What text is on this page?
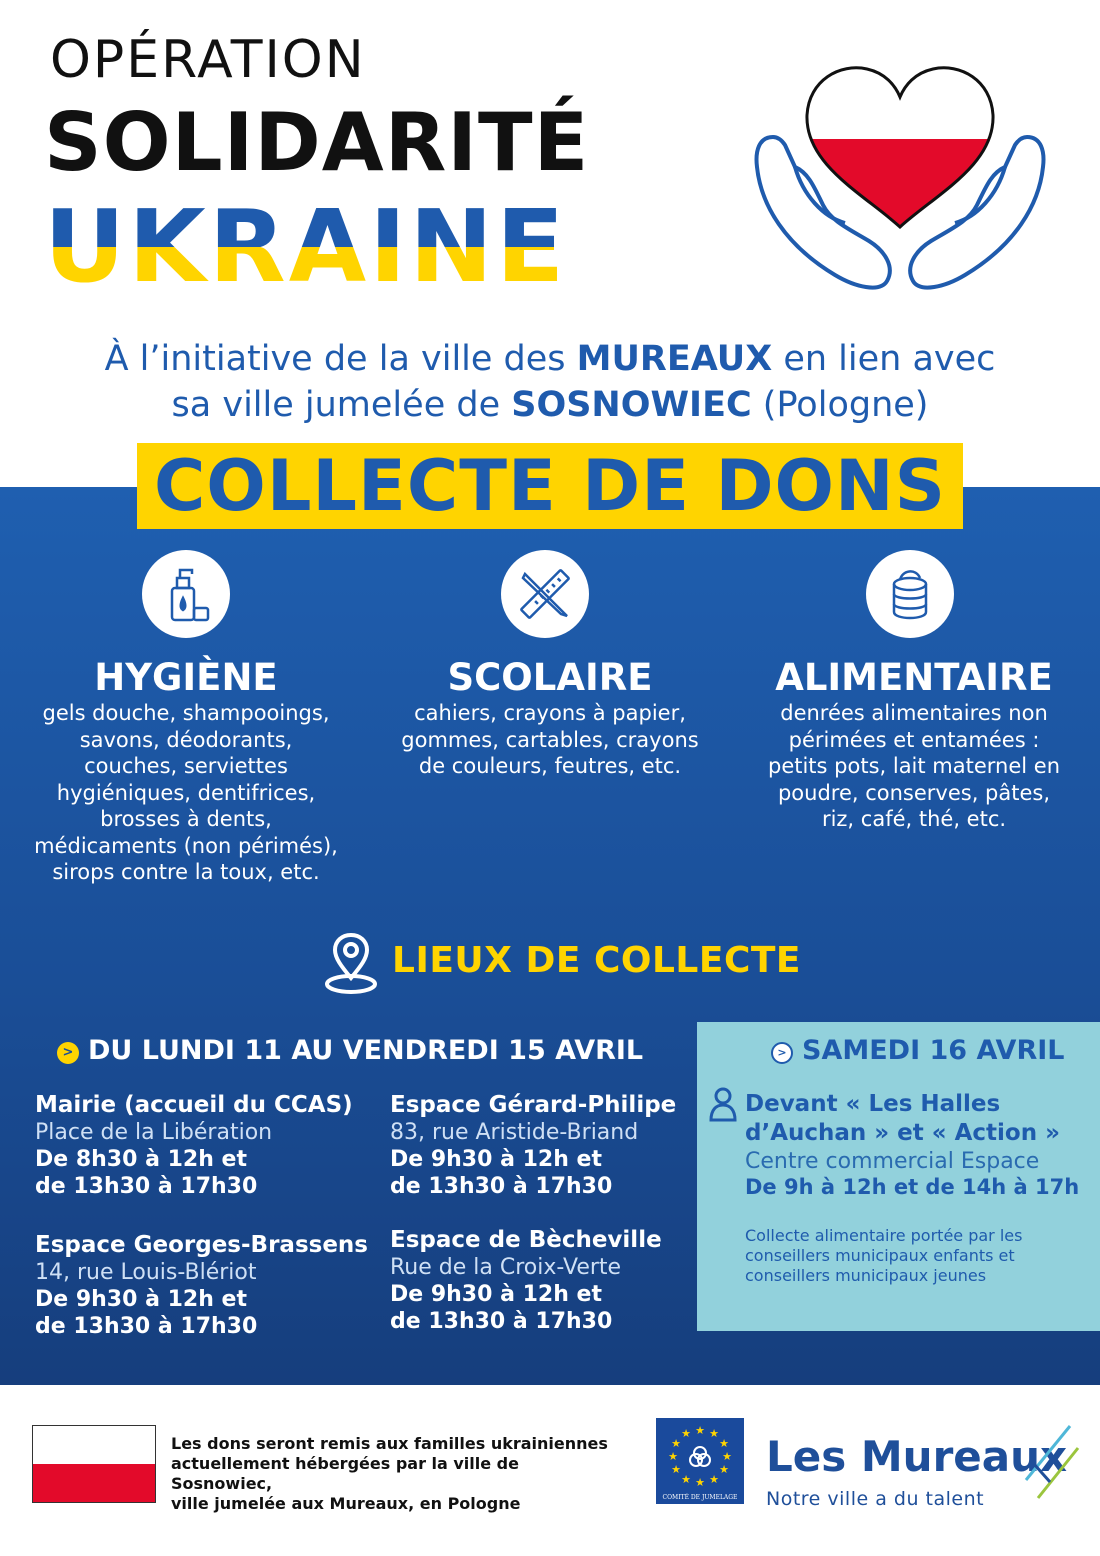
OPÉRATION
SOLIDARITÉ
UKRAINE
À l’initiative de la ville des MUREAUX en lien avec
sa ville jumelée de SOSNOWIEC (Pologne)
COLLECTE DE DONS
HYGIÈNE
gels douche, shampooings,
savons, déodorants,
couches, serviettes
hygiéniques, dentifrices,
brosses à dents,
médicaments (non périmés),
sirops contre la toux, etc.
SCOLAIRE
cahiers, crayons à papier,
gommes, cartables, crayons
de couleurs, feutres, etc.
ALIMENTAIRE
denrées alimentaires non
périmées et entamées :
petits pots, lait maternel en
poudre, conserves, pâtes,
riz, café, thé, etc.
LIEUX DE COLLECTE
> DU LUNDI 11 AU VENDREDI 15 AVRIL
Mairie (accueil du CCAS)
Place de la Libération
De 8h30 à 12h et
de 13h30 à 17h30
Espace Gérard-Philipe
83, rue Aristide-Briand
De 9h30 à 12h et
de 13h30 à 17h30
Espace Georges-Brassens
14, rue Louis-Blériot
De 9h30 à 12h et
de 13h30 à 17h30
Espace de Bècheville
Rue de la Croix-Verte
De 9h30 à 12h et
de 13h30 à 17h30
> SAMEDI 16 AVRIL
Devant « Les Halles
d’Auchan » et « Action »
Centre commercial Espace
De 9h à 12h et de 14h à 17h
Collecte alimentaire portée par les
conseillers municipaux enfants et
conseillers municipaux jeunes
Les dons seront remis aux familles ukrainiennes
actuellement hébergées par la ville de Sosnowiec,
ville jumelée aux Mureaux, en Pologne
★ ★
★
★
★
★
★
★
★
★
★
★
COMITÉ DE JUMELAGE
Les Mureaux
Notre ville a du talent
